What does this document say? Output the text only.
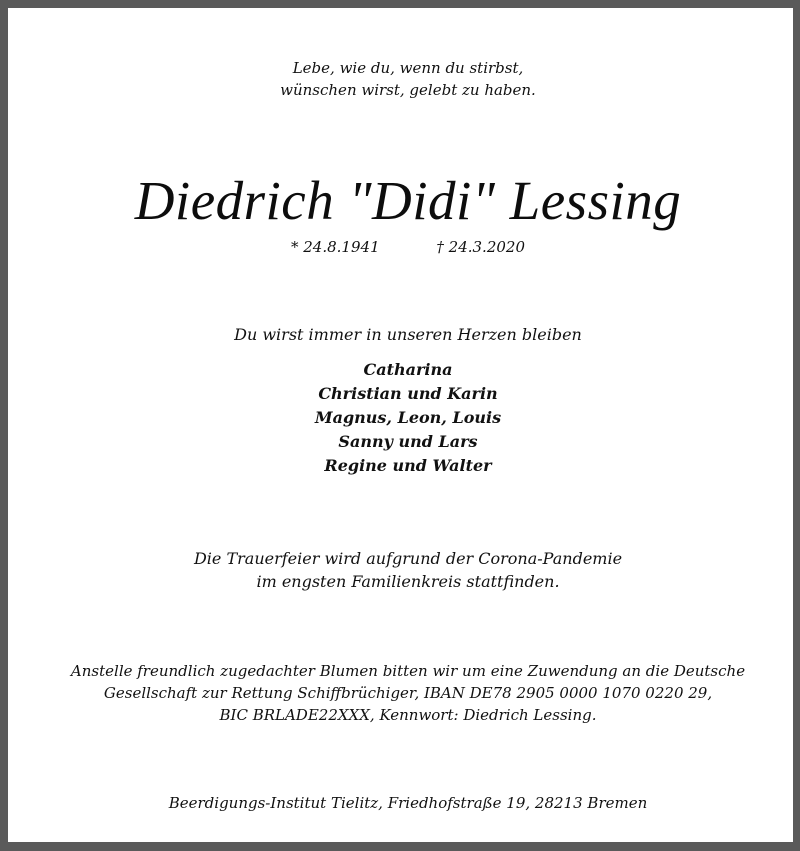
Lebe, wie du, wenn du stirbst,
wünschen wirst, gelebt zu haben.
Diedrich "Didi" Lessing
* 24.8.1941	† 24.3.2020
Du wirst immer in unseren Herzen bleiben
Catharina
Christian und Karin
Magnus, Leon, Louis
Sanny und Lars
Regine und Walter
Die Trauerfeier wird aufgrund der Corona-Pandemie
im engsten Familienkreis stattfinden.
Anstelle freundlich zugedachter Blumen bitten wir um eine Zuwendung an die Deutsche
Gesellschaft zur Rettung Schiffbrüchiger, IBAN DE78 2905 0000 1070 0220 29,
BIC BRLADE22XXX, Kennwort: Diedrich Lessing.
Beerdigungs-Institut Tielitz, Friedhofstraße 19, 28213 Bremen
